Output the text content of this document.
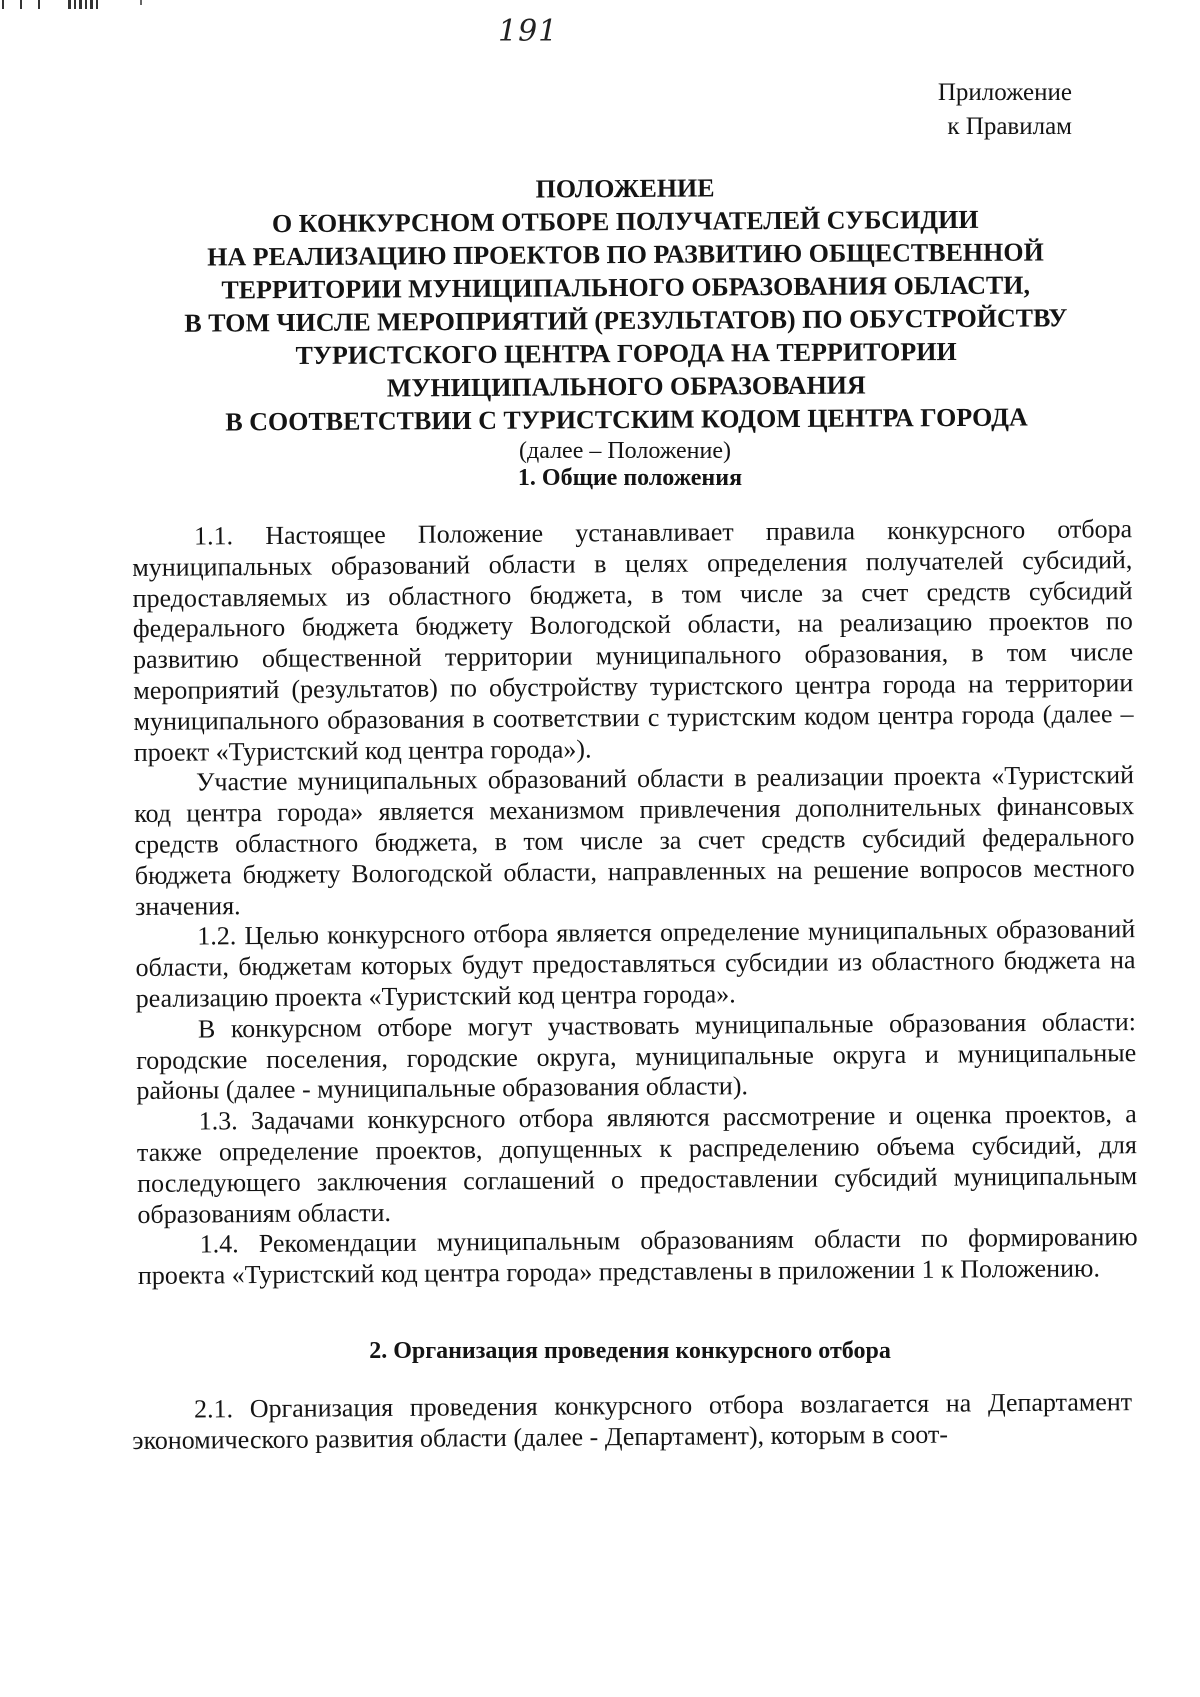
191
Приложение
к Правилам
ПОЛОЖЕНИЕ
О КОНКУРСНОМ ОТБОРЕ ПОЛУЧАТЕЛЕЙ СУБСИДИИ
НА РЕАЛИЗАЦИЮ ПРОЕКТОВ ПО РАЗВИТИЮ ОБЩЕСТВЕННОЙ
ТЕРРИТОРИИ МУНИЦИПАЛЬНОГО ОБРАЗОВАНИЯ ОБЛАСТИ,
В ТОМ ЧИСЛЕ МЕРОПРИЯТИЙ (РЕЗУЛЬТАТОВ) ПО ОБУСТРОЙСТВУ
ТУРИСТСКОГО ЦЕНТРА ГОРОДА НА ТЕРРИТОРИИ
МУНИЦИПАЛЬНОГО ОБРАЗОВАНИЯ
В СООТВЕТСТВИИ С ТУРИСТСКИМ КОДОМ ЦЕНТРА ГОРОДА
(далее – Положение)
1. Общие положения

1.1. Настоящее Положение устанавливает правила конкурсного отбора муниципальных образований области в целях определения получателей субсидий, предоставляемых из областного бюджета, в том числе за счет средств субсидий федерального бюджета бюджету Вологодской области, на реализацию проектов по развитию общественной территории муниципального образования, в том числе мероприятий (результатов) по обустройству туристского центра города на территории муниципального образования в соответствии с туристским кодом центра города (далее – проект «Туристский код центра города»).

Участие муниципальных образований области в реализации проекта «Туристский код центра города» является механизмом привлечения дополнительных финансовых средств областного бюджета, в том числе за счет средств субсидий федерального бюджета бюджету Вологодской области, направленных на решение вопросов местного значения.

1.2. Целью конкурсного отбора является определение муниципальных образований области, бюджетам которых будут предоставляться субсидии из областного бюджета на реализацию проекта «Туристский код центра города».

В конкурсном отборе могут участвовать муниципальные образования области: городские поселения, городские округа, муниципальные округа и муниципальные районы (далее - муниципальные образования области).

1.3. Задачами конкурсного отбора являются рассмотрение и оценка проектов, а также определение проектов, допущенных к распределению объема субсидий, для последующего заключения соглашений о предоставлении субсидий муниципальным образованиям области.

1.4. Рекомендации муниципальным образованиям области по формированию проекта «Туристский код центра города» представлены в приложении 1 к Положению.

2. Организация проведения конкурсного отбора

2.1. Организация проведения конкурсного отбора возлагается на Департамент экономического развития области (далее - Департамент), которым в соот-
